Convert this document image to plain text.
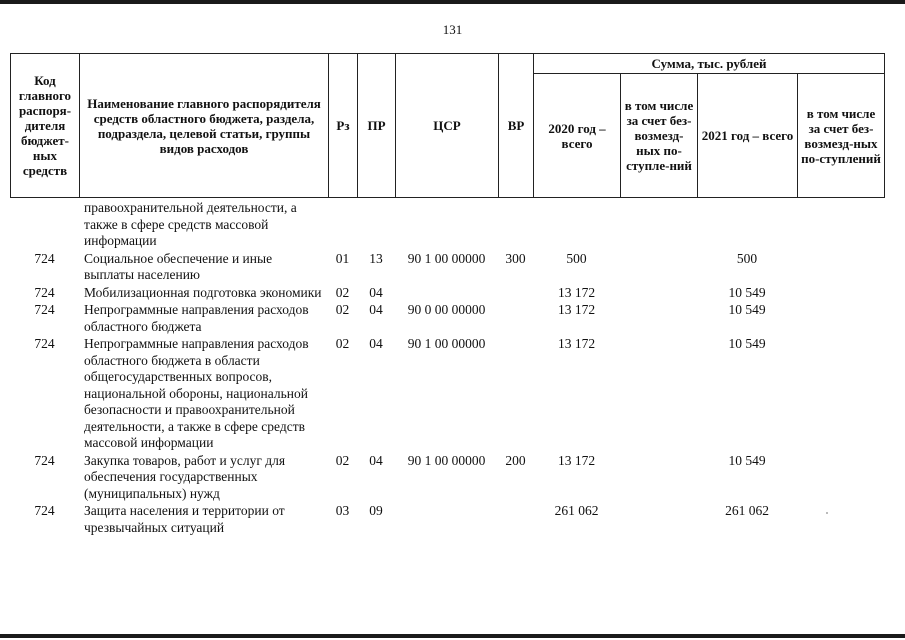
131
Код главного распоря-дителя бюджет-ных средств	Наименование главного распорядителя средств областного бюджета, раздела, подраздела, целевой статьи, группы видов расходов	Рз	ПР	ЦСР	ВР	Сумма, тыс. рублей			
						2020 год – всего	в том числе за счет без-возмезд-ных по-ступле-ний	2021 год – всего	в том числе за счет без-возмезд-ных по-ступлений
	правоохранительной деятельности, а также в сфере средств массовой информации								
724	Социальное обеспечение и иные выплаты населению	01	13	90 1 00 00000	300	500		500	
724	Мобилизационная подготовка экономики	02	04			13 172		10 549	
724	Непрограммные направления расходов областного бюджета	02	04	90 0 00 00000		13 172		10 549	
724	Непрограммные направления расходов областного бюджета в области общегосударственных вопросов, национальной обороны, национальной безопасности и правоохранительной деятельности, а также в сфере средств массовой информации	02	04	90 1 00 00000		13 172		10 549	
724	Закупка товаров, работ и услуг для обеспечения государственных (муниципальных) нужд	02	04	90 1 00 00000	200	13 172		10 549	
724	Защита населения и территории от чрезвычайных ситуаций	03	09			261 062		261 062	
